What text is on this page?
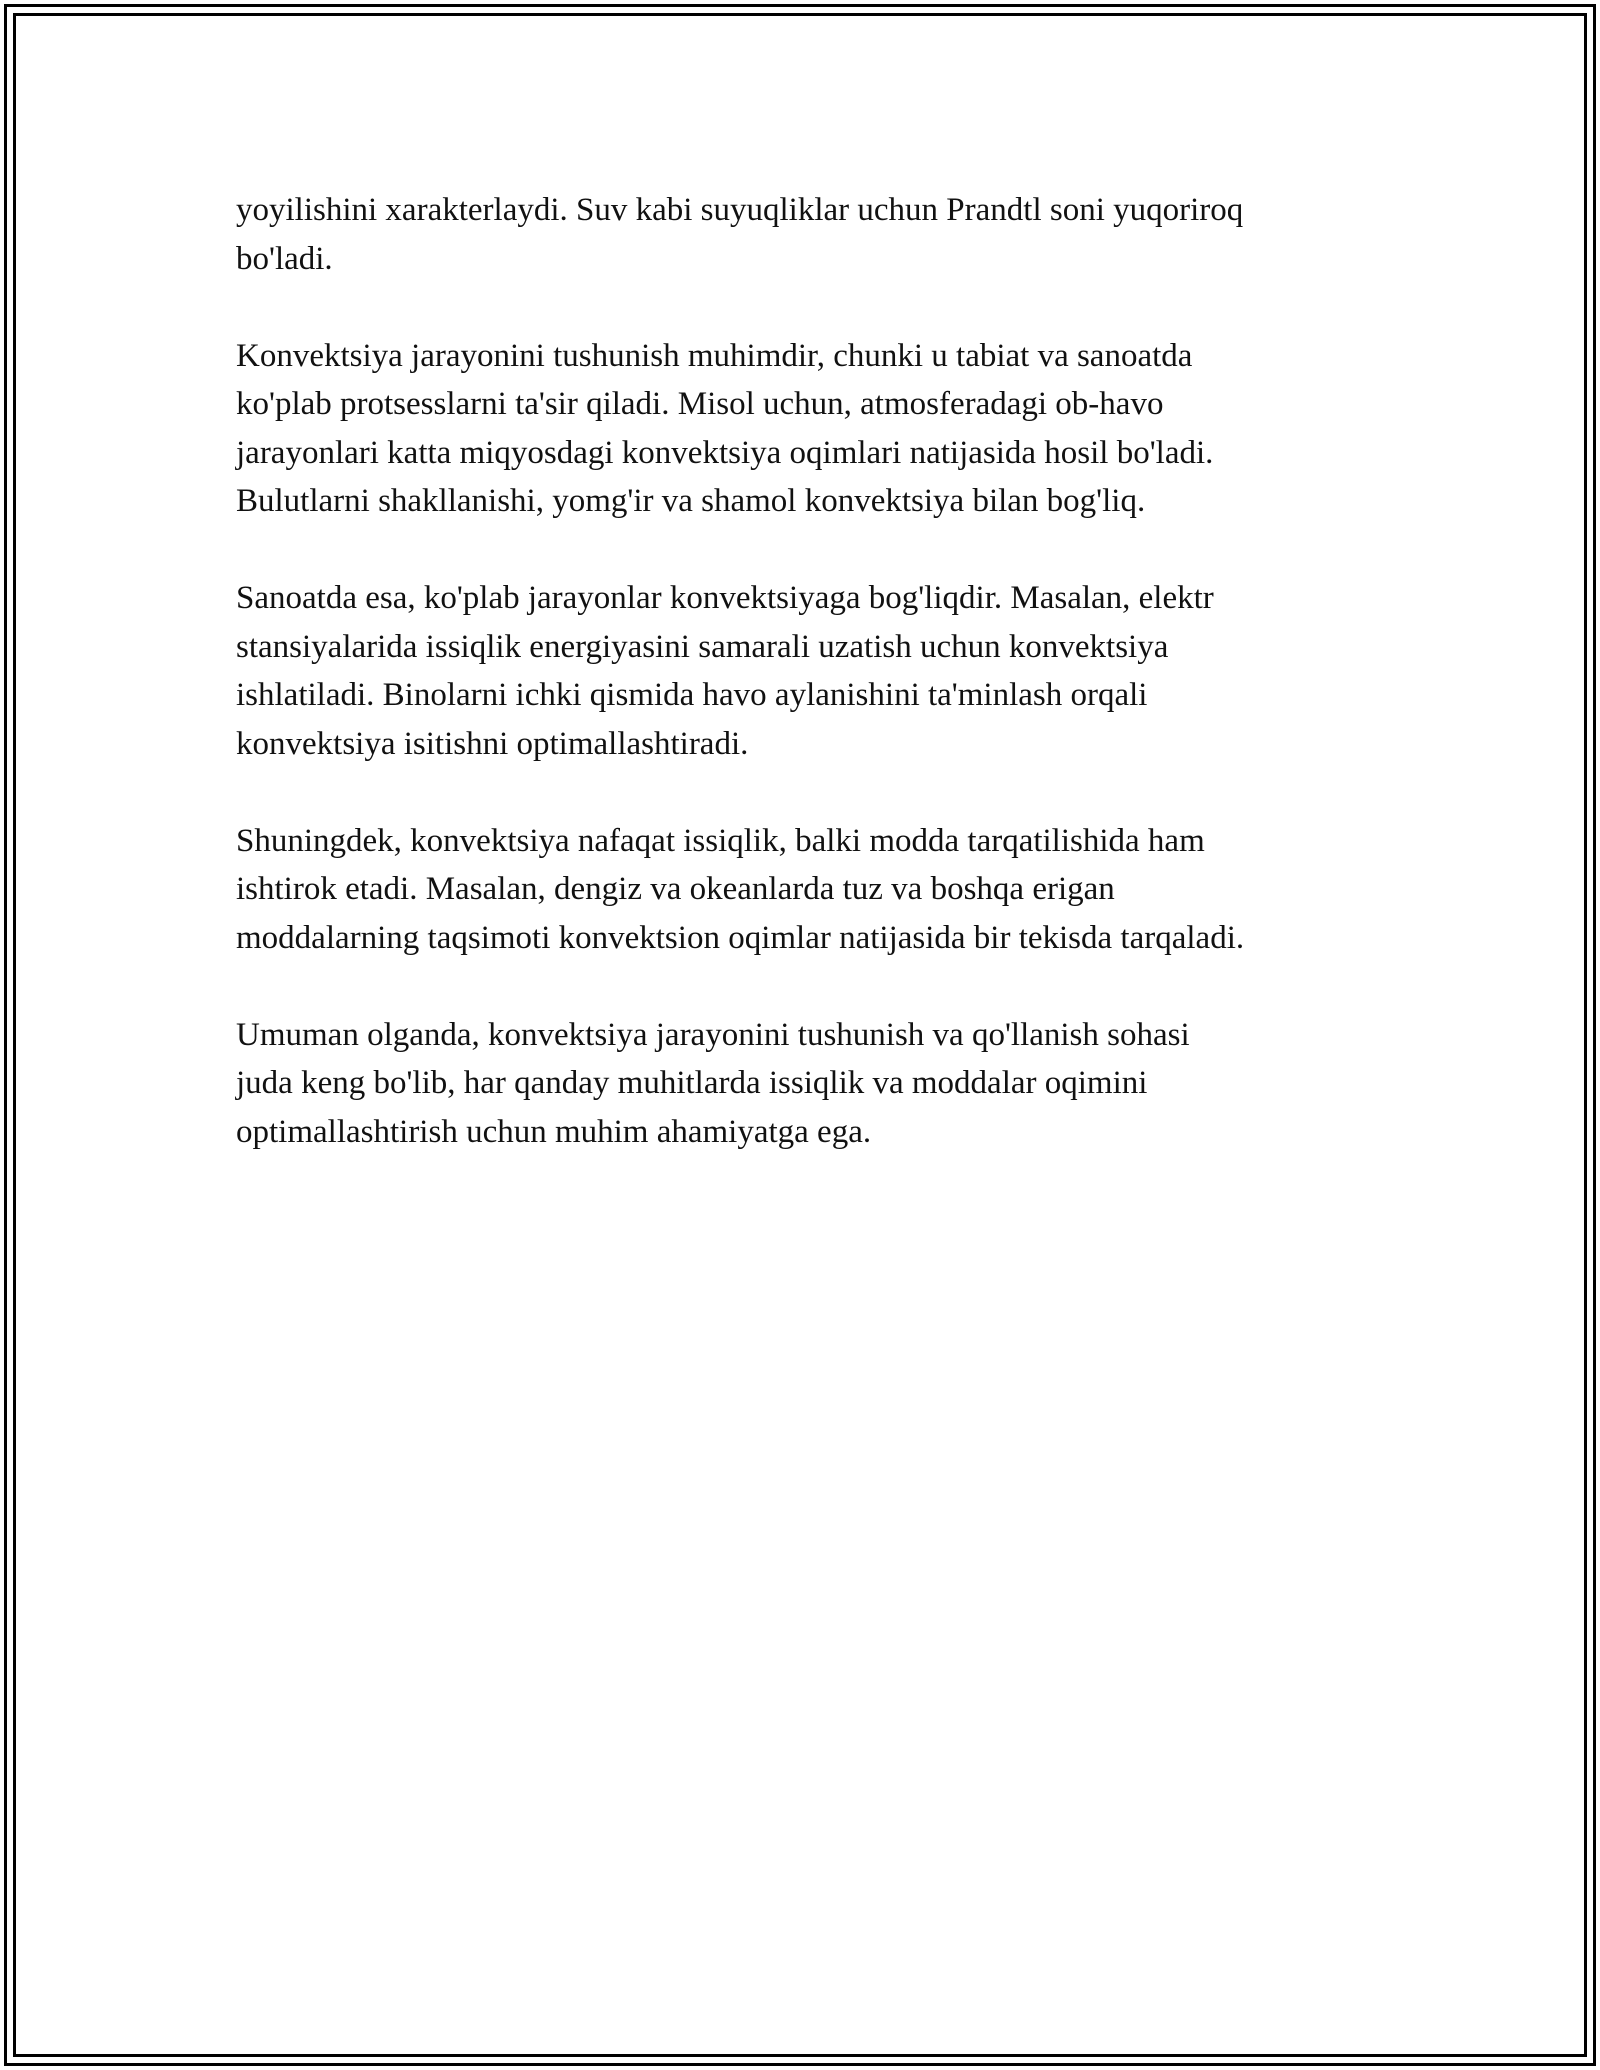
yoyilishini xarakterlaydi. Suv kabi suyuqliklar uchun Prandtl soni yuqoriroq
bo'ladi.

Konvektsiya jarayonini tushunish muhimdir, chunki u tabiat va sanoatda
ko'plab protsesslarni ta'sir qiladi. Misol uchun, atmosferadagi ob-havo
jarayonlari katta miqyosdagi konvektsiya oqimlari natijasida hosil bo'ladi.
Bulutlarni shakllanishi, yomg'ir va shamol konvektsiya bilan bog'liq.

Sanoatda esa, ko'plab jarayonlar konvektsiyaga bog'liqdir. Masalan, elektr
stansiyalarida issiqlik energiyasini samarali uzatish uchun konvektsiya
ishlatiladi. Binolarni ichki qismida havo aylanishini ta'minlash orqali
konvektsiya isitishni optimallashtiradi.

Shuningdek, konvektsiya nafaqat issiqlik, balki modda tarqatilishida ham
ishtirok etadi. Masalan, dengiz va okeanlarda tuz va boshqa erigan
moddalarning taqsimoti konvektsion oqimlar natijasida bir tekisda tarqaladi.

Umuman olganda, konvektsiya jarayonini tushunish va qo'llanish sohasi
juda keng bo'lib, har qanday muhitlarda issiqlik va moddalar oqimini
optimallashtirish uchun muhim ahamiyatga ega.
